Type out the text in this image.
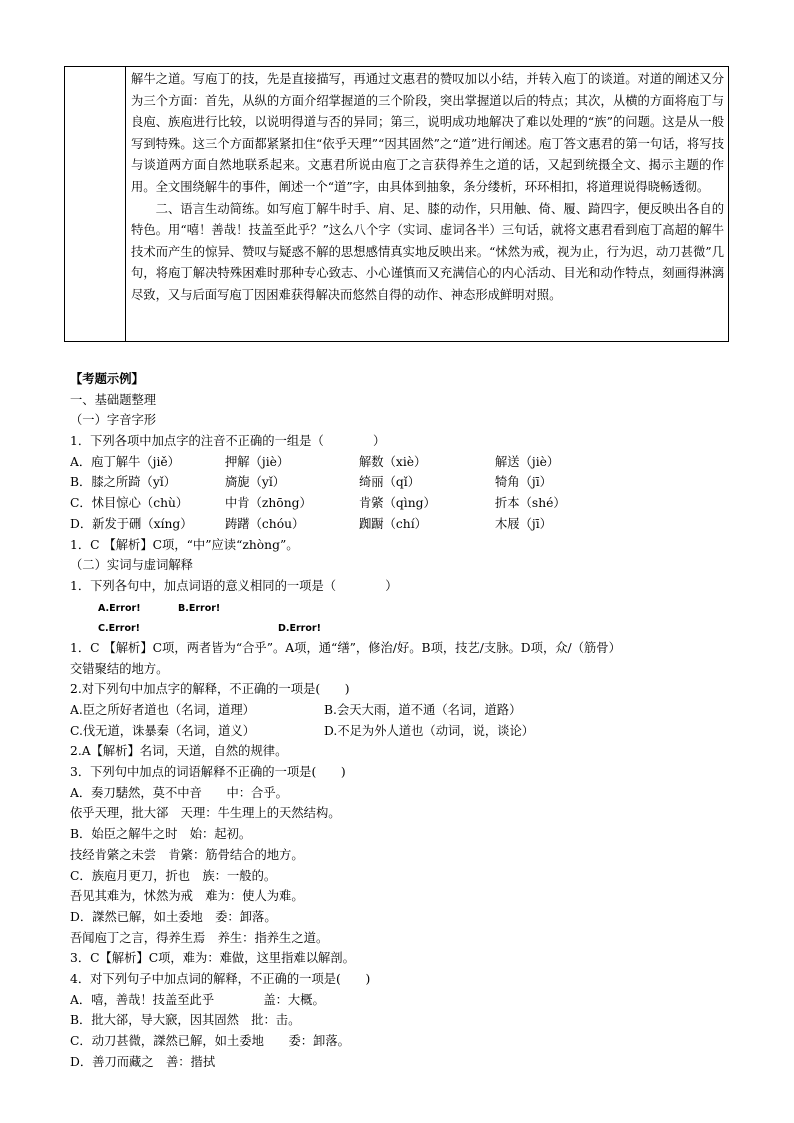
解牛之道。写庖丁的技，先是直接描写，再通过文惠君的赞叹加以小结，并转入庖丁的谈道。对道的阐述又分为三个方面：首先，从纵的方面介绍掌握道的三个阶段，突出掌握道以后的特点；其次，从横的方面将庖丁与良庖、族庖进行比较，以说明得道与否的异同；第三，说明成功地解决了难以处理的“族”的问题。这是从一般写到特殊。这三个方面都紧紧扣住“依乎天理”“因其固然”之“道”进行阐述。庖丁答文惠君的第一句话，将写技与谈道两方面自然地联系起来。文惠君所说由庖丁之言获得养生之道的话，又起到统摄全文、揭示主题的作用。全文围绕解牛的事件，阐述一个“道”字，由具体到抽象，条分缕析，环环相扣，将道理说得晓畅透彻。

二、语言生动简练。如写庖丁解牛时手、肩、足、膝的动作，只用触、倚、履、踦四字，便反映出各自的特色。用“嘻！善哉！技盖至此乎？”这么八个字（实词、虚词各半）三句话，就将文惠君看到庖丁高超的解牛技术而产生的惊异、赞叹与疑惑不解的思想感情真实地反映出来。“怵然为戒，视为止，行为迟，动刀甚微”几句，将庖丁解决特殊困难时那种专心致志、小心谨慎而又充满信心的内心活动、目光和动作特点，刻画得淋漓尽致，又与后面写庖丁因困难获得解决而悠然自得的动作、神态形成鲜明对照。

【考题示例】
一、基础题整理
（一）字音字形
1．下列各项中加点字的注音不正确的一组是（　　　　）
A．庖丁解牛（jiě）	押解（jiè）	解数（xiè）	解送（jiè）
B．膝之所踦（yǐ）	旖旎（yǐ）	绮丽（qǐ）	犄角（jī）
C．怵目惊心（chù）	中肯（zhōng）	肯綮（qìng）	折本（shé）
D．新发于硎（xíng）	踌躇（chóu）	踟蹰（chí）	木屐（jī）
1．C 【解析】C项，“中”应读“zhòng”。
（二）实词与虚词解释
1．下列各句中，加点词语的意义相同的一项是（　　　　）
A.Error!	B.Error!
C.Error!	D.Error!
1．C 【解析】C项，两者皆为“合乎”。A项，通“缮”，修治/好。B项，技艺/支脉。D项，众/（筋骨）
交错聚结的地方。
2.对下列句中加点字的解释，不正确的一项是(　　)
A.臣之所好者道也（名词，道理）	B.会天大雨，道不通（名词，道路）
C.伐无道，诛暴秦（名词，道义）	D.不足为外人道也（动词，说，谈论）
2.A【解析】名词，天道，自然的规律。
3．下列句中加点的词语解释不正确的一项是(　　)
A．奏刀騞然，莫不中音　　中：合乎。
依乎天理，批大郤　天理：牛生理上的天然结构。
B．始臣之解牛之时　始：起初。
技经肯綮之未尝　肯綮：筋骨结合的地方。
C．族庖月更刀，折也　族：一般的。
吾见其难为，怵然为戒　难为：使人为难。
D．謋然已解，如土委地　委：卸落。
吾闻庖丁之言，得养生焉　养生：指养生之道。
3．C【解析】C项，难为：难做，这里指难以解剖。
4．对下列句子中加点词的解释，不正确的一项是(　　)
A．嘻，善哉！技盖至此乎　　　　盖：大概。
B．批大郤，导大窾，因其固然　批：击。
C．动刀甚微，謋然已解，如土委地　　委：卸落。
D．善刀而藏之　善：揩拭
